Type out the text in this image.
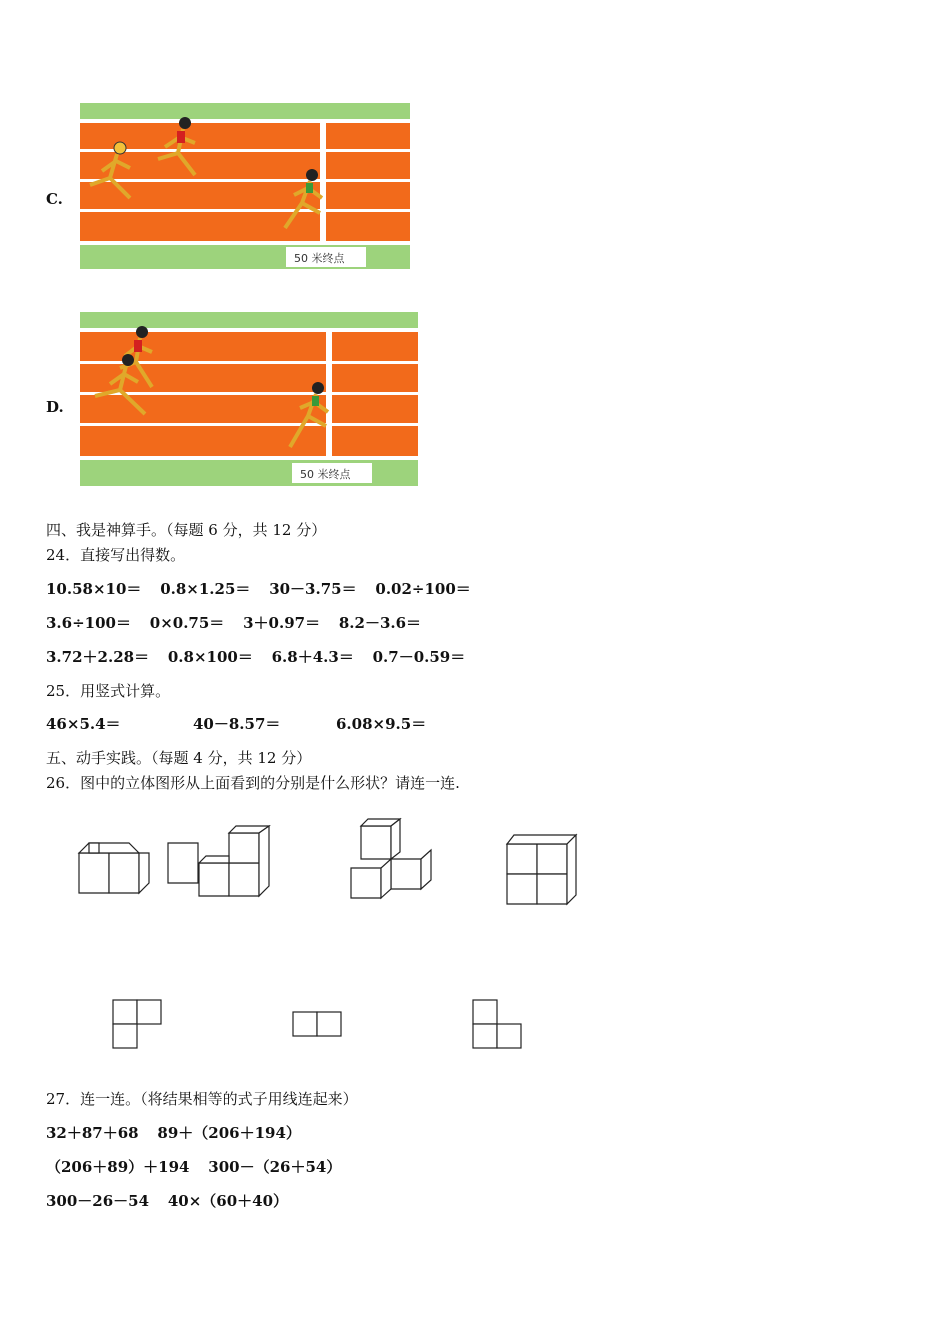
C.
50 米终点
D.
50 米终点
四、我是神算手。（每题 6 分，共 12 分）
24．直接写出得数。
10.58×10＝ 0.8×1.25＝ 30－3.75＝ 0.02÷100＝
3.6÷100＝ 0×0.75＝ 3＋0.97＝ 8.2－3.6＝
3.72＋2.28＝ 0.8×100＝ 6.8＋4.3＝ 0.7－0.59＝
25．用竖式计算。
46×5.4＝	40－8.57＝	6.08×9.5＝
五、动手实践。（每题 4 分，共 12 分）
26．图中的立体图形从上面看到的分别是什么形状？请连一连.
27．连一连。（将结果相等的式子用线连起来）
32＋87＋68 89＋（206＋194）
（206＋89）＋194 300－（26＋54）
300－26－54 40×（60＋40）
